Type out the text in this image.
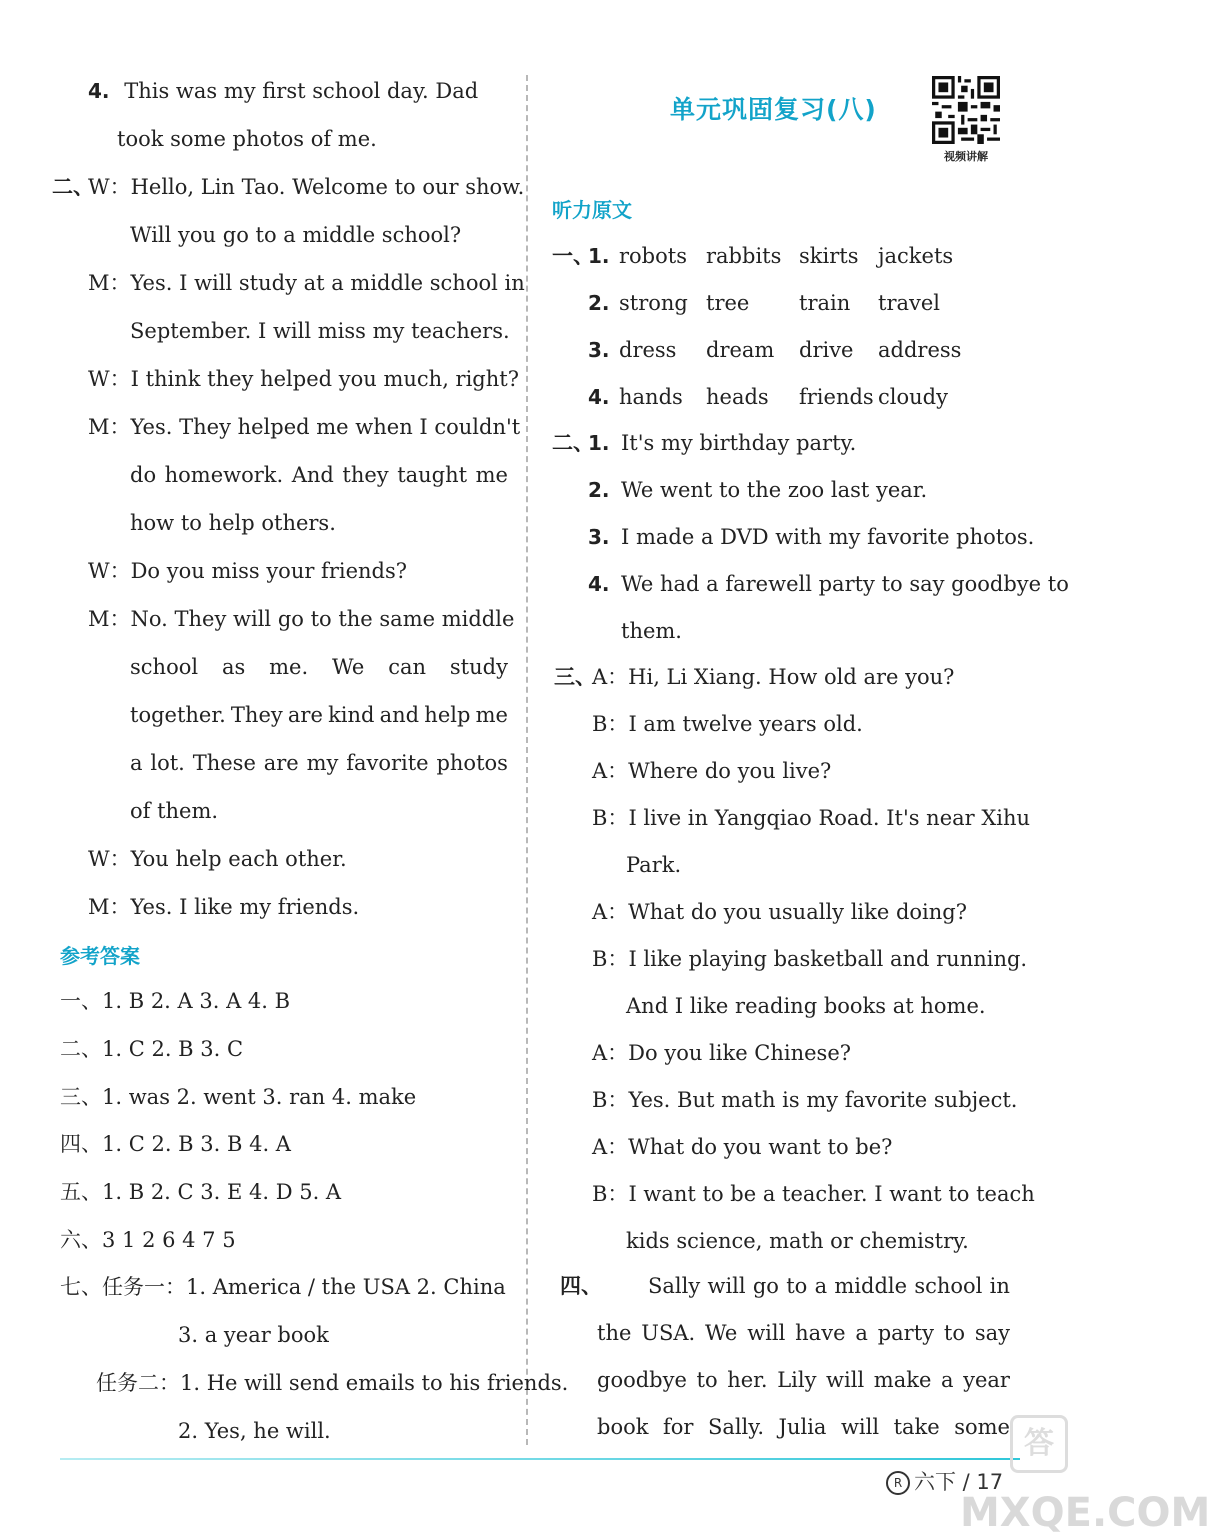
4. This was my first school day. Dad
took some photos of me.
二、
W：Hello, Lin Tao. Welcome to our show.
Will you go to a middle school?
M：Yes. I will study at a middle school in
September. I will miss my teachers.
W：I think they helped you much, right?
M：Yes. They helped me when I couldn't
do homework. And they taught me
how to help others.
W：Do you miss your friends?
M：No. They will go to the same middle
school as me. We can study
together. They are kind and help me
a lot. These are my favorite photos
of them.
W：You help each other.
M：Yes. I like my friends.
参考答案
一、1. B 2. A 3. A 4. B
二、1. C 2. B 3. C
三、1. was 2. went 3. ran 4. make
四、1. C 2. B 3. B 4. A
五、1. B 2. C 3. E 4. D 5. A
六、3 1 2 6 4 7 5
七、任务一：1. America / the USA 2. China
3. a year book
任务二：1. He will send emails to his friends.
2. Yes, he will.
单元巩固复习(八)
视频讲解
听力原文
一、
1. robots rabbits skirts jackets
2. strong tree train travel
3. dress dream drive address
4. hands heads friends cloudy
二、
1. It's my birthday party.
2. We went to the zoo last year.
3. I made a DVD with my favorite photos.
4. We had a farewell party to say goodbye to
them.
三、
A：Hi, Li Xiang. How old are you?
B：I am twelve years old.
A：Where do you live?
B：I live in Yangqiao Road. It's near Xihu
Park.
A：What do you usually like doing?
B：I like playing basketball and running.
And I like reading books at home.
A：Do you like Chinese?
B：Yes. But math is my favorite subject.
A：What do you want to be?
B：I want to be a teacher. I want to teach
kids science, math or chemistry.
四、 Sally will go to a middle school in
the USA. We will have a party to say
goodbye to her. Lily will make a year
book for Sally. Julia will take some
R 六下 / 17
答
MXQE.COM
